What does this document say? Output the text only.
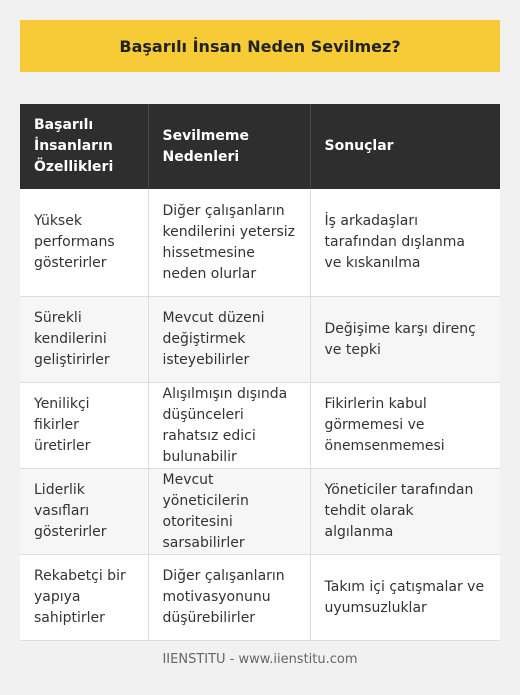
Başarılı İnsan Neden Sevilmez?
Başarılı İnsanların Özellikleri	Sevilmeme Nedenleri	Sonuçlar
Yüksek performans gösterirler	Diğer çalışanların kendilerini yetersiz hissetmesine neden olurlar	İş arkadaşları tarafından dışlanma ve kıskanılma
Sürekli kendilerini geliştirirler	Mevcut düzeni değiştirmek isteyebilirler	Değişime karşı direnç ve tepki
Yenilikçi fikirler üretirler	Alışılmışın dışında düşünceleri rahatsız edici bulunabilir	Fikirlerin kabul görmemesi ve önemsenmemesi
Liderlik vasıfları gösterirler	Mevcut yöneticilerin otoritesini sarsabilirler	Yöneticiler tarafından tehdit olarak algılanma
Rekabetçi bir yapıya sahiptirler	Diğer çalışanların motivasyonunu düşürebilirler	Takım içi çatışmalar ve uyumsuzluklar
IIENSTITU - www.iienstitu.com
